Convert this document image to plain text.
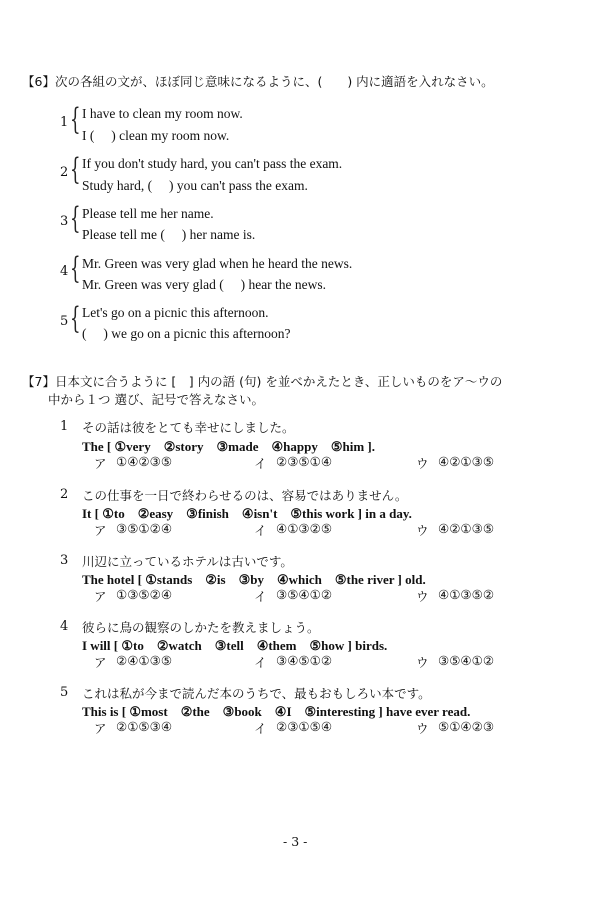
【6】次の各組の文が、ほぼ同じ意味になるように、(　　) 内に適語を入れなさい。
1 { I have to clean my room now.
I (　 ) clean my room now.
2 { If you don't study hard, you can't pass the exam.
Study hard, (　 ) you can't pass the exam.
3 { Please tell me her name.
Please tell me (　 ) her name is.
4 { Mr. Green was very glad when he heard the news.
Mr. Green was very glad (　 ) hear the news.
5 { Let's go on a picnic this afternoon.
(　 ) we go on a picnic this afternoon?
【7】日本文に合うように [　] 内の語 (句) を並べかえたとき、正しいものをア〜ウの
中から１つ 選び、記号で答えなさい。
1 その話は彼をとても幸せにしました。
The [ ①very　②story　③made　④happy　⑤him ].
ア ①④②③⑤	イ ②③⑤①④	ウ ④②①③⑤
2 この仕事を一日で終わらせるのは、容易ではありません。
It [ ①to　②easy　③finish　④isn't　⑤this work ] in a day.
ア ③⑤①②④	イ ④①③②⑤	ウ ④②①③⑤
3 川辺に立っているホテルは古いです。
The hotel [ ①stands　②is　③by　④which　⑤the river ] old.
ア ①③⑤②④	イ ③⑤④①②	ウ ④①③⑤②
4 彼らに鳥の観察のしかたを教えましょう。
I will [ ①to　②watch　③tell　④them　⑤how ] birds.
ア ②④①③⑤	イ ③④⑤①②	ウ ③⑤④①②
5 これは私が今まで読んだ本のうちで、最もおもしろい本です。
This is [ ①most　②the　③book　④I　⑤interesting ] have ever read.
ア ②①⑤③④	イ ②③①⑤④	ウ ⑤①④②③
- 3 -
